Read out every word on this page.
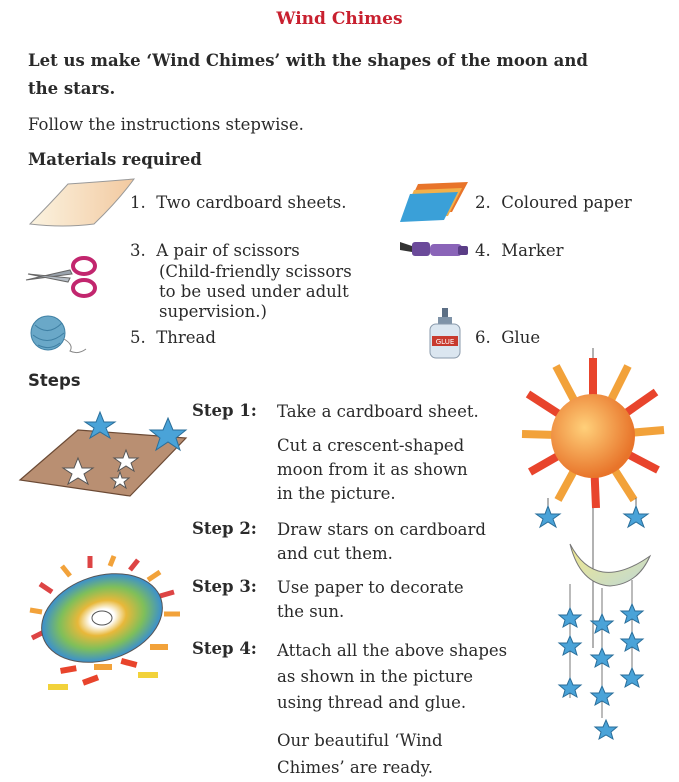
Wind Chimes
Let us make ‘Wind Chimes’ with the shapes of the moon and the stars.
Follow the instructions stepwise.
Materials required
GLUE
1. Two cardboard sheets.	2. Coloured paper
3. A pair of scissors
(Child-friendly scissors
to be used under adult
supervision.)
4. Marker
5. Thread	6. Glue
Steps
Step 1: Take a cardboard sheet.
Cut a crescent-shaped
moon from it as shown
in the picture.
Step 2: Draw stars on cardboard
and cut them.
Step 3: Use paper to decorate
the sun.
Step 4: Attach all the above shapes
as shown in the picture
using thread and glue.
Our beautiful ‘Wind
Chimes’ are ready.
